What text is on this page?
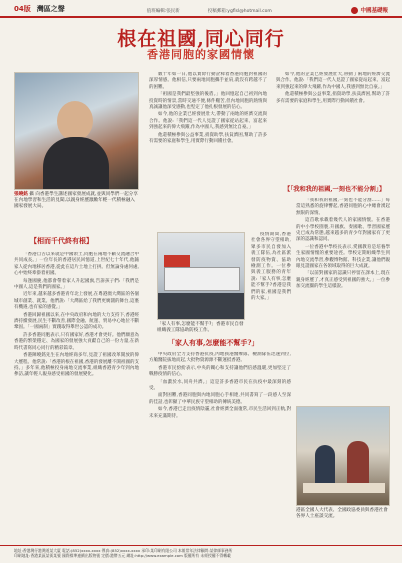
04版 灣區之聲	值班編輯:張民新	投稿郵箱:ygflsl@hotmail.com	中國基礎報
根在祖國,同心同行
香港同胞的家國情懷
張曉銘 攝 向香港學生講述國家發展成就,並與同學們一起分享在內地學習和生活的見聞,以親身經歷激勵年輕一代積極融入國家發展大局。
【相而千代終有根】

「香港自古以來就是中國領土,同胞在兩地不斷交流融合中共同成長。」一位年長的香港居民回憶道,上世紀七十年代,他隨家人從內地移居香港,從此在這片土地上打拼。但無論身處何處,心中始終牽掛着祖國。

每逢國慶,他都會帶着家人升起國旗,告訴孩子們:「我們是中國人,這是我們的國家。」

近年來,越來越多香港青年北上發展,在粵港澳大灣區的各個城市創業、就業。他們說:「大灣區給了我們更廣闊的舞台,這裏有機遇,也有家的感覺。」

香港回歸祖國以來,在中央政府和內地的大力支持下,香港經濟持續發展,民生不斷改善,國際金融、航運、貿易中心地位不斷鞏固。「一國兩制」實踐取得舉世公認的成功。

許多香港同胞表示,只有國家好,香港才會更好。他們願意為香港的繁榮穩定、為國家的發展強大貢獻自己的一份力量,在新時代書寫同心同行的精彩篇章。

香港陳曉銘先生在內地經商多年,見證了祖國改革開放的偉大歷程。他常說:「香港的根在祖國,香港的發展離不開祖國的支持。」多年來,他積極投身兩地交流事業,組織香港青少年到內地參訪,讓年輕人親身感受祖國的發展變化。

數十年如一日,他以實際行動詮釋着香港同胞對祖國的深厚情感。他相信,只要兩地同胞攜手並肩,就沒有跨越不了的困難。

「祖國是我們最堅強的後盾。」他回憶起自己初到內地投資時的情景,當時交通不便,條件艱苦,但內地同胞的熱情與真誠讓他深受感動,也堅定了他扎根發展的信心。

如今,他的企業已經發展壯大,帶動了兩地的經濟交流與合作。他說:「我們這一代人見證了國家從站起來、富起來到強起來的偉大飛躍,作為中國人,我感到無比自豪。」

他還積極參與公益事業,捐資助學,扶貧濟困,幫助了許多有需要的家庭和學生,用實際行動回饋社會。

「家人有事,怎麼能不幫手?」香港市民自發組織義工隊協助防疫工作。

疫情期間,香港社會各界守望相助,眾多市民自發加入義工隊伍,為社區派發防疫物資、協助檢測工作。一位參與義工服務的青年說:「家人有事,怎麼能不幫手?香港是我們的家,祖國是我們的大家。」

「家人有事,怎麼能不幫手?」

中央政府全力支持香港抗疫,內地援港醫療隊、檢測隊伍迅速到位,方艙醫院拔地而起,大批物資源源不斷運抵香港。

香港市民紛紛表示,中央的關心和支持讓他們倍感溫暖,更加堅定了戰勝疫情的信心。

「血濃於水,同舟共濟。」這是許多香港市民在抗疫中最深刻的感受。

面對困難,香港同胞與內地同胞心手相連,共同書寫了一段感人至深的佳話,也彰顯了中華民族守望相助的傳統美德。

如今,香港已走出疫情陰霾,社會經濟全面復常,市民生活回到正軌,對未來充滿期待。

如今,他的企業已經發展壯大,帶動了兩地的經濟交流與合作。他說:「我們這一代人見證了國家從站起來、富起來到強起來的偉大飛躍,作為中國人,我感到無比自豪。」

他還積極參與公益事業,捐資助學,扶貧濟困,幫助了許多有需要的家庭和學生,用實際行動回饋社會。

【「我和我的祖國,一刻也不能分割」】

「我和我的祖國,一刻也不能分割……」每當這熟悉的旋律響起,香港同胞的心中總會湧起無限的深情。

這首歌承載着幾代人的家國情懷。在香港的中小學校園裏,升國旗、奏國歌、學習國家歷史已成為常態,越來越多的青少年對國家有了更深的認識和認同。

一位香港中學校長表示,愛國教育是培養學生家國情懷的重要途徑。學校定期組織學生到內地交流學習,參觀博物館、科技企業,讓他們親眼見證國家在各領域取得的巨大成就。

「以前對國家的認識只停留在課本上,現在親身經歷了,才真正感受到祖國的強大。」一位參加交流團的學生這樣說。

港區全國人大代表、全國政協委員與香港社會各界人士座談交流。
地址:香港灣仔港灣道某大廈 電話:(852)xxxx-xxxx 傳真:(852)xxxx-xxxx 承印:某印刷有限公司 本報常年法律顧問:某律師事務所
印刷地址:香港某區某街某號 國際標準連續出版物號 定價:港幣五元 網址:http://www.example.com 版權所有 未經授權不得轉載
